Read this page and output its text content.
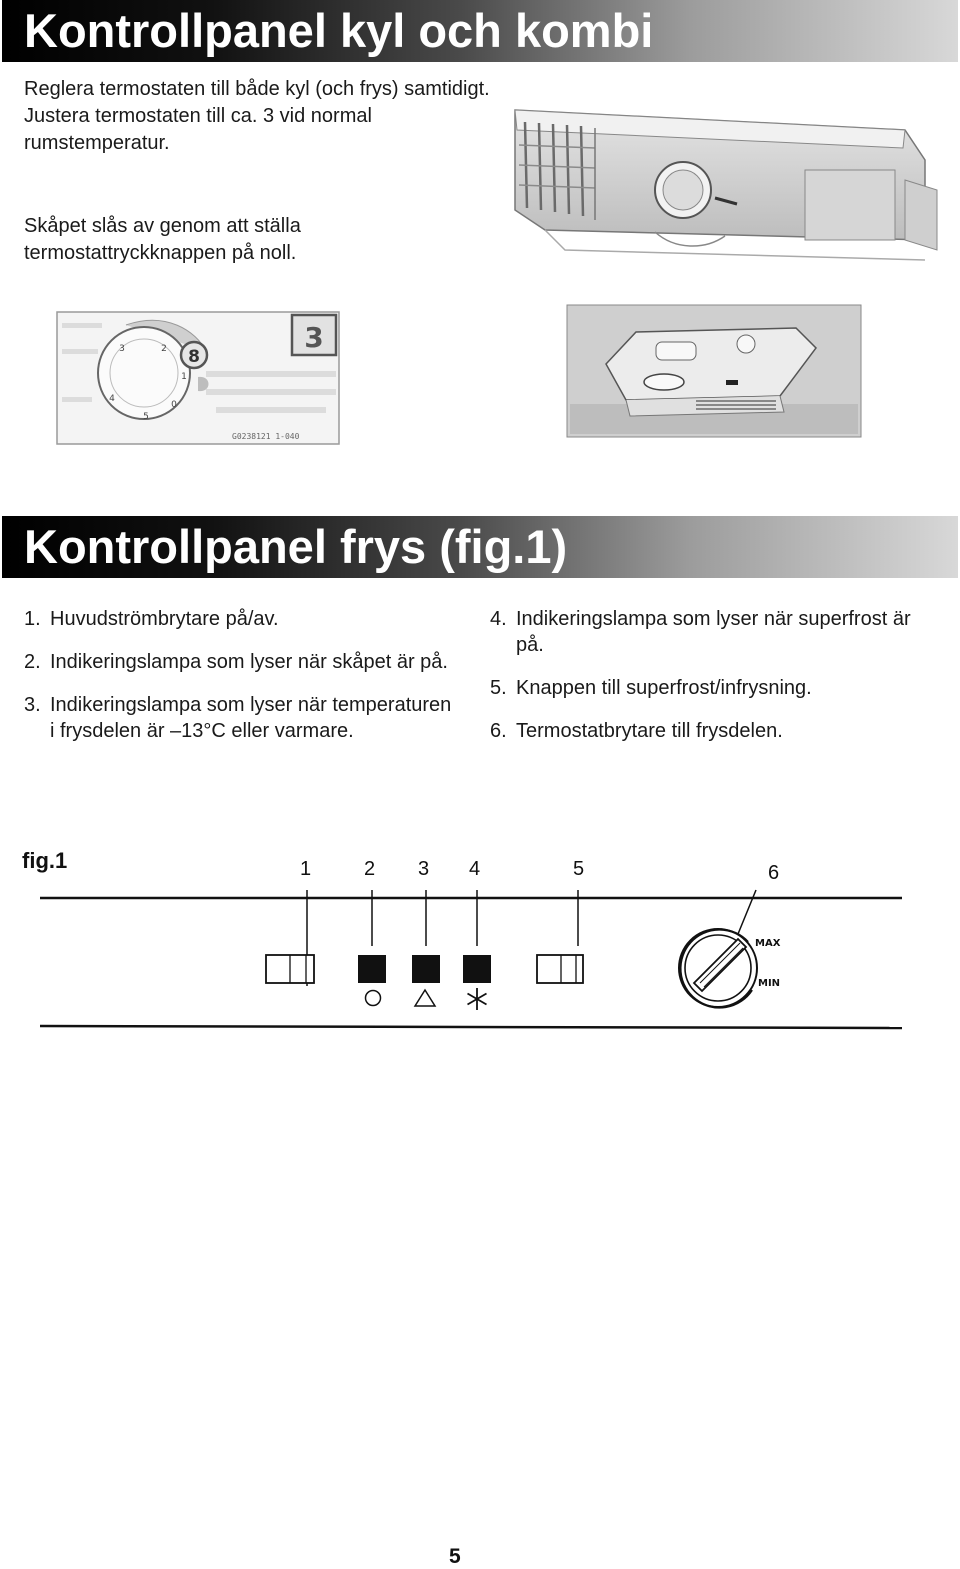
Kontrollpanel kyl och kombi

Reglera termostaten till både kyl (och frys) samtidigt. Justera termostaten till ca. 3 vid normal rumstemperatur.

Skåpet slås av genom att ställa termostattryckknappen på noll.

3	2
1
0
5
4
8
3
G0238121 1-040
Kontrollpanel frys (fig.1)
1. Huvudströmbrytare på/av.
2. Indikeringslampa som lyser när skåpet är på.
3. Indikeringslampa som lyser när temperaturen i frysdelen är –13°C eller varmare.
4. Indikeringslampa som lyser när superfrost är på.
5. Knappen till superfrost/infrysning.
6. Termostatbrytare till frysdelen.
fig.1	1	2 3 4	5	6
MAX
MIN
5
